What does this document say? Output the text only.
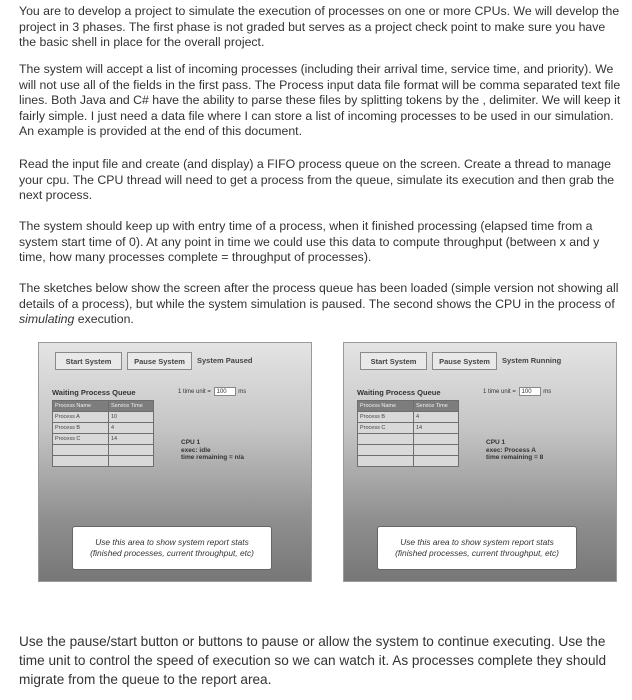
You are to develop a project to simulate the execution of processes on one or more CPUs. We will develop the project in 3 phases. The first phase is not graded but serves as a project check point to make sure you have the basic shell in place for the overall project.

The system will accept a list of incoming processes (including their arrival time, service time, and priority). We will not use all of the fields in the first pass. The Process input data file format will be comma separated text file lines. Both Java and C# have the ability to parse these files by splitting tokens by the , delimiter. We will keep it fairly simple. I just need a data file where I can store a list of incoming processes to be used in our simulation. An example is provided at the end of this document.

Read the input file and create (and display) a FIFO process queue on the screen. Create a thread to manage your cpu. The CPU thread will need to get a process from the queue, simulate its execution and then grab the next process.

The system should keep up with entry time of a process, when it finished processing (elapsed time from a system start time of 0). At any point in time we could use this data to compute throughput (between x and y time, how many processes complete = throughput of processes).

The sketches below show the screen after the process queue has been loaded (simple version not showing all details of a process), but while the system simulation is paused. The second shows the CPU in the process of simulating execution.

Start System	Pause System	System Paused
Waiting Process Queue	1 time unit = 100 ms
Process Name	Service Time
Process A	10
Process B	4
Process C	14

		CPU 1
exec: idle
time remaining = n/a
Use this area to show system report stats
(finished processes, current throughput, etc)
Start System	Pause System	System Running
Waiting Process Queue	1 time unit = 100 ms
Process Name	Service Time
Process B	4
Process C	14

CPU 1
exec: Process A
time remaining = 8
Use this area to show system report stats
(finished processes, current throughput, etc)

Use the pause/start button or buttons to pause or allow the system to continue executing. Use the time unit to control the speed of execution so we can watch it. As processes complete they should migrate from the queue to the report area.
